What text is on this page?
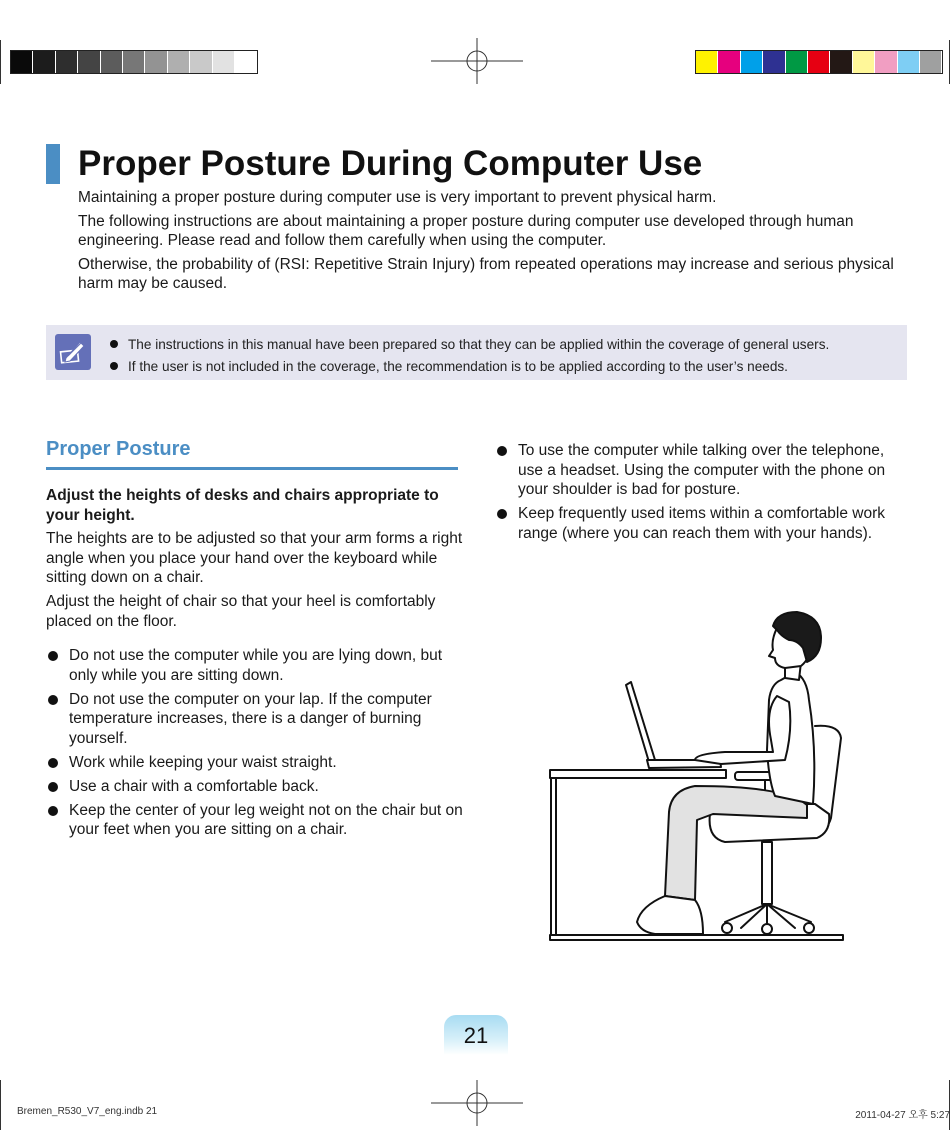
Proper Posture During Computer Use

Maintaining a proper posture during computer use is very important to prevent physical harm.

The following instructions are about maintaining a proper posture during computer use developed through human engineering. Please read and follow them carefully when using the computer.

Otherwise, the probability of (RSI: Repetitive Strain Injury) from repeated operations may increase and serious physical harm may be caused.

The instructions in this manual have been prepared so that they can be applied within the coverage of general users.
If the user is not included in the coverage, the recommendation is to be applied according to the user’s needs.
Proper Posture

Adjust the heights of desks and chairs appropriate to your height.

The heights are to be adjusted so that your arm forms a right angle when you place your hand over the keyboard while sitting down on a chair.

Adjust the height of chair so that your heel is comfortably placed on the floor.

Do not use the computer while you are lying down, but only while you are sitting down.
Do not use the computer on your lap. If the computer temperature increases, there is a danger of burning yourself.
Work while keeping your waist straight.
Use a chair with a comfortable back.
Keep the center of your leg weight not on the chair but on your feet when you are sitting on a chair.
To use the computer while talking over the telephone, use a headset. Using the computer with the phone on your shoulder is bad for posture.
Keep frequently used items within a comfortable work range (where you can reach them with your hands).
21
Bremen_R530_V7_eng.indb 21	2011-04-27 오후 5:27
